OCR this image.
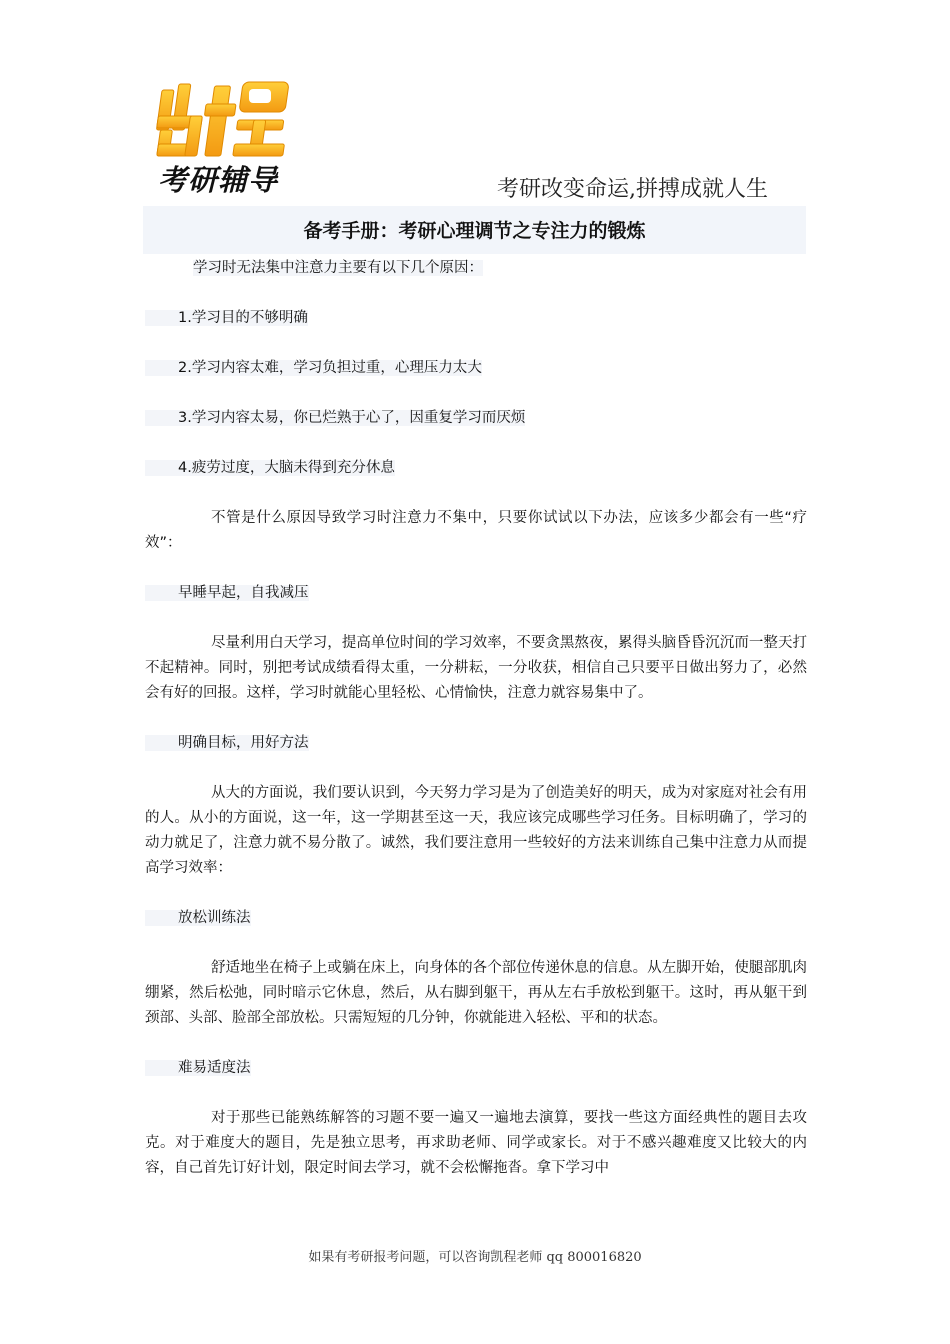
考研辅导	考研改变命运,拼搏成就人生
备考手册：考研心理调节之专注力的锻炼

学习时无法集中注意力主要有以下几个原因：

1.学习目的不够明确

2.学习内容太难，学习负担过重，心理压力太大

3.学习内容太易，你已烂熟于心了，因重复学习而厌烦

4.疲劳过度，大脑未得到充分休息

不管是什么原因导致学习时注意力不集中，只要你试试以下办法，应该多少都会有一些“疗效”：

早睡早起，自我减压

尽量利用白天学习，提高单位时间的学习效率，不要贪黑熬夜，累得头脑昏昏沉沉而一整天打不起精神。同时，别把考试成绩看得太重，一分耕耘，一分收获，相信自己只要平日做出努力了，必然会有好的回报。这样，学习时就能心里轻松、心情愉快，注意力就容易集中了。

明确目标，用好方法

从大的方面说，我们要认识到，今天努力学习是为了创造美好的明天，成为对家庭对社会有用的人。从小的方面说，这一年，这一学期甚至这一天，我应该完成哪些学习任务。目标明确了，学习的动力就足了，注意力就不易分散了。诚然，我们要注意用一些较好的方法来训练自己集中注意力从而提高学习效率：

放松训练法

舒适地坐在椅子上或躺在床上，向身体的各个部位传递休息的信息。从左脚开始，使腿部肌肉绷紧，然后松弛，同时暗示它休息，然后，从右脚到躯干，再从左右手放松到躯干。这时，再从躯干到颈部、头部、脸部全部放松。只需短短的几分钟，你就能进入轻松、平和的状态。

难易适度法

对于那些已能熟练解答的习题不要一遍又一遍地去演算，要找一些这方面经典性的题目去攻克。对于难度大的题目，先是独立思考，再求助老师、同学或家长。对于不感兴趣难度又比较大的内容，自己首先订好计划，限定时间去学习，就不会松懈拖沓。拿下学习中

如果有考研报考问题，可以咨询凯程老师 qq 800016820
